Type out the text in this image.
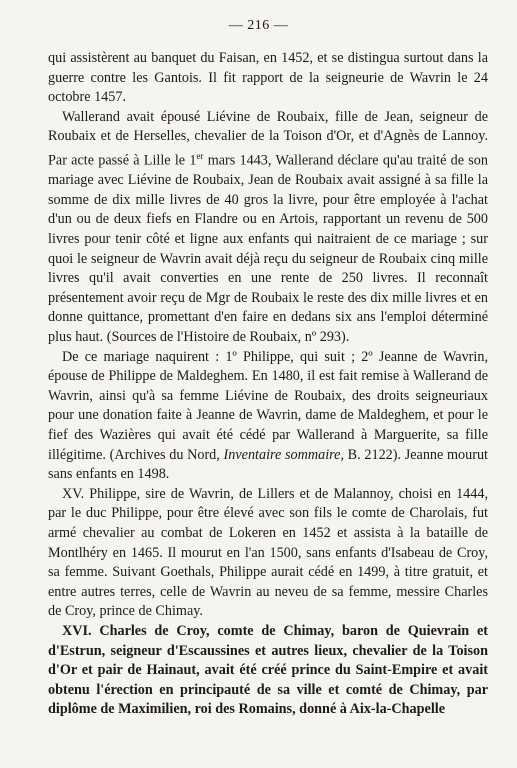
— 216 —

qui assistèrent au banquet du Faisan, en 1452, et se distingua surtout dans la guerre contre les Gantois. Il fit rapport de la seigneurie de Wavrin le 24 octobre 1457.

Wallerand avait épousé Liévine de Roubaix, fille de Jean, seigneur de Roubaix et de Herselles, chevalier de la Toison d'Or, et d'Agnès de Lannoy. Par acte passé à Lille le 1er mars 1443, Wallerand déclare qu'au traité de son mariage avec Liévine de Roubaix, Jean de Roubaix avait assigné à sa fille la somme de dix mille livres de 40 gros la livre, pour être employée à l'achat d'un ou de deux fiefs en Flandre ou en Artois, rapportant un revenu de 500 livres pour tenir côté et ligne aux enfants qui naitraient de ce mariage ; sur quoi le seigneur de Wavrin avait déjà reçu du seigneur de Roubaix cinq mille livres qu'il avait converties en une rente de 250 livres. Il reconnaît présentement avoir reçu de Mgr de Roubaix le reste des dix mille livres et en donne quittance, promettant d'en faire en dedans six ans l'emploi déterminé plus haut. (Sources de l'Histoire de Roubaix, nº 293).

De ce mariage naquirent : 1º Philippe, qui suit ; 2º Jeanne de Wavrin, épouse de Philippe de Maldeghem. En 1480, il est fait remise à Wallerand de Wavrin, ainsi qu'à sa femme Liévine de Roubaix, des droits seigneuriaux pour une donation faite à Jeanne de Wavrin, dame de Maldeghem, et pour le fief des Wazières qui avait été cédé par Wallerand à Marguerite, sa fille illégitime. (Archives du Nord, Inventaire sommaire, B. 2122). Jeanne mourut sans enfants en 1498.

XV. Philippe, sire de Wavrin, de Lillers et de Malannoy, choisi en 1444, par le duc Philippe, pour être élevé avec son fils le comte de Charolais, fut armé chevalier au combat de Lokeren en 1452 et assista à la bataille de Montlhéry en 1465. Il mourut en l'an 1500, sans enfants d'Isabeau de Croy, sa femme. Suivant Goethals, Philippe aurait cédé en 1499, à titre gratuit, et entre autres terres, celle de Wavrin au neveu de sa femme, messire Charles de Croy, prince de Chimay.

XVI. Charles de Croy, comte de Chimay, baron de Quievrain et d'Estrun, seigneur d'Escaussines et autres lieux, chevalier de la Toison d'Or et pair de Hainaut, avait été créé prince du Saint-Empire et avait obtenu l'érection en principauté de sa ville et comté de Chimay, par diplôme de Maximilien, roi des Romains, donné à Aix-la-Chapelle
